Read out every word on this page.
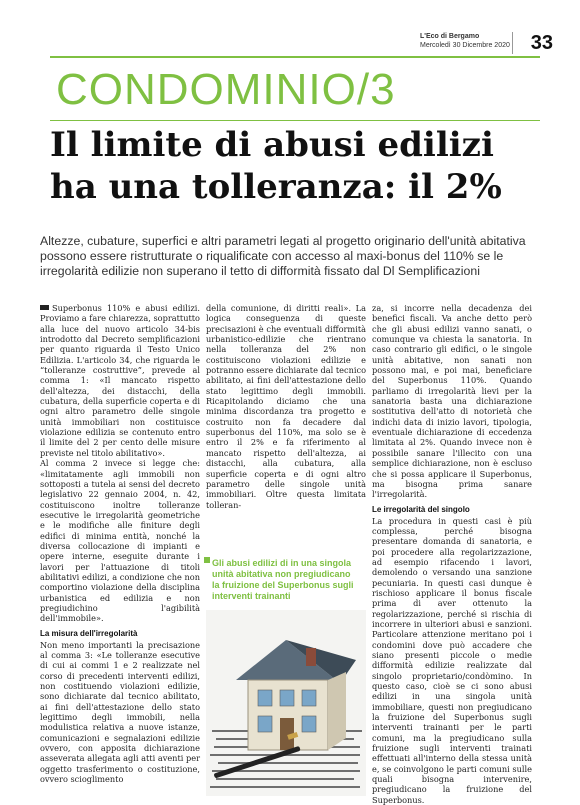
L'Eco di Bergamo
Mercoledì 30 Dicembre 2020	33
CONDOMINIO/3
Il limite di abusi edilizi
ha una tolleranza: il 2%

Altezze, cubature, superfici e altri parametri legati al progetto originario dell'unità abitativa possono essere ristrutturate o riqualificate con accesso al maxi-bonus del 110% se le irregolarità edilizie non superano il tetto di difformità fissato dal Dl Semplificazioni

Superbonus 110% e abusi edilizi. Proviamo a fare chiarezza, soprattutto alla luce del nuovo articolo 34-bis introdotto dal Decreto semplificazioni per quanto riguarda il Testo Unico Edilizia. L'articolo 34, che riguarda le “tolleranze costruttive”, prevede al comma 1: «Il mancato rispetto dell'altezza, dei distacchi, della cubatura, della superficie coperta e di ogni altro parametro delle singole unità immobiliari non costituisce violazione edilizia se contenuto entro il limite del 2 per cento delle misure previste nel titolo abilitativo».

Al comma 2 invece si legge che: «limitatamente agli immobili non sottoposti a tutela ai sensi del decreto legislativo 22 gennaio 2004, n. 42, costituiscono inoltre tolleranze esecutive le irregolarità geometriche e le modifiche alle finiture degli edifici di minima entità, nonché la diversa collocazione di impianti e opere interne, eseguite durante i lavori per l'attuazione di titoli abilitativi edilizi, a condizione che non comportino violazione della disciplina urbanistica ed edilizia e non pregiudichino l'agibilità dell'immobile».

La misura dell'irregolarità

Non meno importanti la precisazione al comma 3: «Le tolleranze esecutive di cui ai commi 1 e 2 realizzate nel corso di precedenti interventi edilizi, non costituendo violazioni edilizie, sono dichiarate dal tecnico abilitato, ai fini dell'attestazione dello stato legittimo degli immobili, nella modulistica relativa a nuove istanze, comunicazioni e segnalazioni edilizie ovvero, con apposita dichiarazione asseverata allegata agli atti aventi per oggetto trasferimento o costituzione, ovvero scioglimento

della comunione, di diritti reali». La logica conseguenza di queste precisazioni è che eventuali difformità urbanistico-edilizie che rientrano nella tolleranza del 2% non costituiscono violazioni edilizie e potranno essere dichiarate dal tecnico abilitato, ai fini dell'attestazione dello stato legittimo degli immobili. Ricapitolando diciamo che una minima discordanza tra progetto e costruito non fa decadere dal superbonus del 110%, ma solo se è entro il 2% e fa riferimento al mancato rispetto dell'altezza, ai distacchi, alla cubatura, alla superficie coperta e di ogni altro parametro delle singole unità immobiliari. Oltre questa limitata tolleran-

Gli abusi edilizi di in una singola unità abitativa non pregiudicano la fruizione del Superbonus sugli interventi trainanti

za, si incorre nella decadenza dei benefici fiscali. Va anche detto però che gli abusi edilizi vanno sanati, o comunque va chiesta la sanatoria. In caso contrario gli edifici, o le singole unità abitative, non sanati non possono mai, e poi mai, beneficiare del Superbonus 110%. Quando parliamo di irregolarità lievi per la sanatoria basta una dichiarazione sostitutiva dell'atto di notorietà che indichi data di inizio lavori, tipologia, eventuale dichiarazione di eccedenza limitata al 2%. Quando invece non è possibile sanare l'illecito con una semplice dichiarazione, non è escluso che si possa applicare il Superbonus, ma bisogna prima sanare l'irregolarità.

Le irregolarità del singolo

La procedura in questi casi è più complessa, perché bisogna presentare domanda di sanatoria, e poi procedere alla regolarizzazione, ad esempio rifacendo i lavori, demolendo o versando una sanzione pecuniaria. In questi casi dunque è rischioso applicare il bonus fiscale prima di aver ottenuto la regolarizzazione, perché si rischia di incorrere in ulteriori abusi e sanzioni. Particolare attenzione meritano poi i condomini dove può accadere che siano presenti piccole o medie difformità edilizie realizzate dal singolo proprietario/condòmino. In questo caso, cioè se ci sono abusi edilizi in una singola unità immobiliare, questi non pregiudicano la fruizione del Superbonus sugli interventi trainanti per le parti comuni, ma la pregiudicano sulla fruizione sugli interventi trainati effettuati all'interno della stessa unità e, se coinvolgono le parti comuni sulle quali bisogna intervenire, pregiudicano la fruizione del Superbonus.
